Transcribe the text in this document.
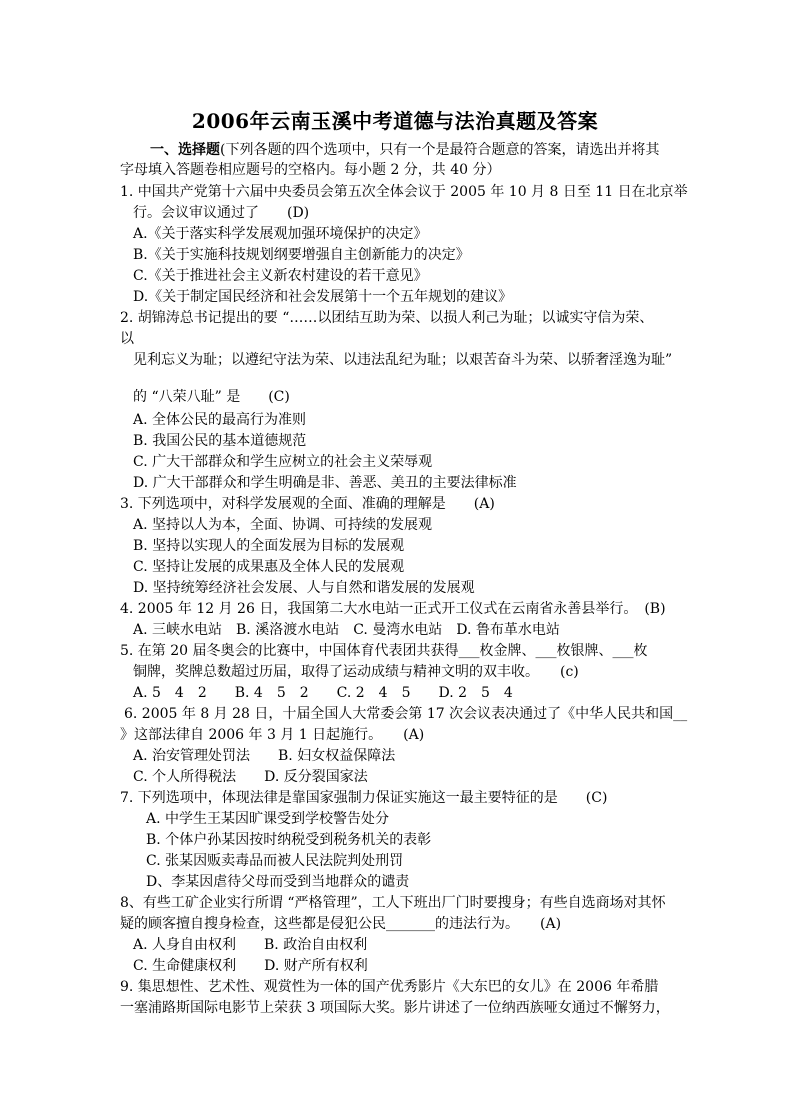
2006年云南玉溪中考道德与法治真题及答案
一、选择题(下列各题的四个选项中，只有一个是最符合题意的答案，请选出并将其
字母填入答题卷相应题号的空格内。每小题 2 分，共 40 分）
1. 中国共产党第十六届中央委员会第五次全体会议于 2005 年 10 月 8 日至 11 日在北京举
行。会议审议通过了　　(D)
A.《关于落实科学发展观加强环境保护的决定》
B.《关于实施科技规划纲要增强自主创新能力的决定》
C.《关于推进社会主义新农村建设的若干意见》
D.《关于制定国民经济和社会发展第十一个五年规划的建议》
2. 胡锦涛总书记提出的要 “……以团结互助为荣、以损人利己为耻；以诚实守信为荣、
以
见利忘义为耻；以遵纪守法为荣、以违法乱纪为耻；以艰苦奋斗为荣、以骄奢淫逸为耻”
的 “八荣八耻” 是　　(C)
A. 全体公民的最高行为准则
B. 我国公民的基本道德规范
C. 广大干部群众和学生应树立的社会主义荣辱观
D. 广大干部群众和学生明确是非、善恶、美丑的主要法律标准
3. 下列选项中，对科学发展观的全面、准确的理解是　　(A)
A. 坚持以人为本，全面、协调、可持续的发展观
B. 坚持以实现人的全面发展为目标的发展观
C. 坚持让发展的成果惠及全体人民的发展观
D. 坚持统筹经济社会发展、人与自然和谐发展的发展观
4. 2005 年 12 月 26 日，我国第二大水电站一正式开工仪式在云南省永善县举行。　(B)
A. 三峡水电站　B. 溪洛渡水电站　C. 曼湾水电站　D. 鲁布革水电站
5. 在第 20 届冬奥会的比赛中，中国体育代表团共获得___枚金牌、___枚银牌、___枚
铜牌，奖牌总数超过历届，取得了运动成绩与精神文明的双丰收。　　(c)
A. 5　4　2　　B. 4　5　2　　C. 2　4　5　　D. 2　5　4
6. 2005 年 8 月 28 日，十届全国人大常委会第 17 次会议表决通过了《中华人民共和国__
》这部法律自 2006 年 3 月 1 日起施行。　　(A)
A. 治安管理处罚法　　B. 妇女权益保障法
C. 个人所得税法　　D. 反分裂国家法
7. 下列选项中，体现法律是靠国家强制力保证实施这一最主要特征的是　　(C)
A. 中学生王某因旷课受到学校警告处分
B. 个体户孙某因按时纳税受到税务机关的表彰
C. 张某因贩卖毒品而被人民法院判处刑罚
D、李某因虐待父母而受到当地群众的谴责
8、有些工矿企业实行所谓 “严格管理”，工人下班出厂门时要搜身；有些自选商场对其怀
疑的顾客擅自搜身检查，这些都是侵犯公民_______的违法行为。　　(A)
A. 人身自由权利　　B. 政治自由权利
C. 生命健康权利　　D. 财产所有权利
9. 集思想性、艺术性、观赏性为一体的国产优秀影片《大东巴的女儿》在 2006 年希腊
一塞浦路斯国际电影节上荣获 3 项国际大奖。影片讲述了一位纳西族哑女通过不懈努力，
